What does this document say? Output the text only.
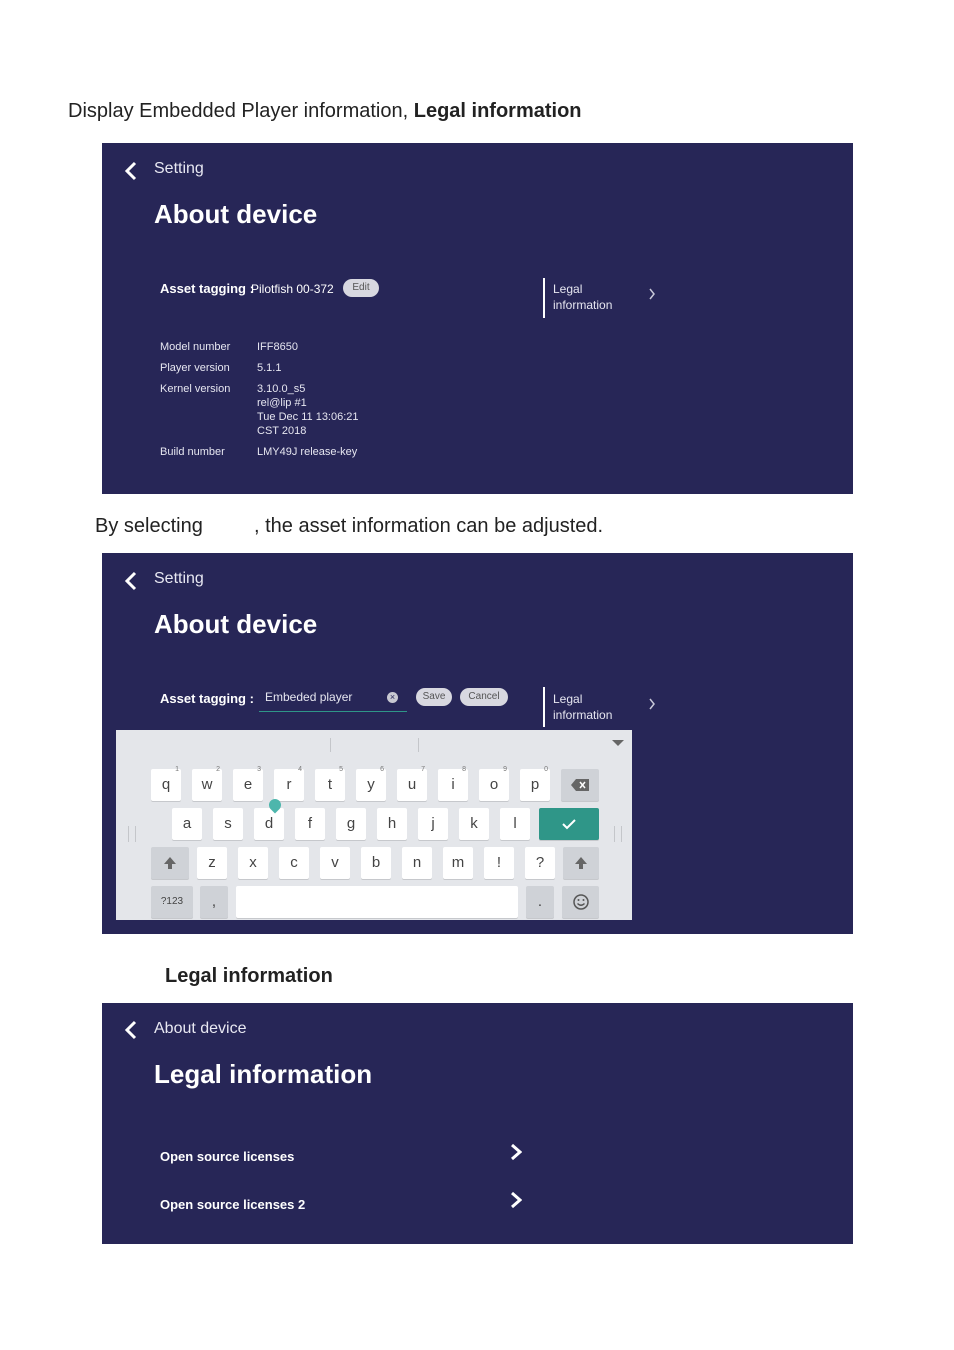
Display Embedded Player information, Legal information
Setting
About device
Asset tagging :
Pilotfish 00-372	Edit	Legal
information
Model number IFF8650
Player version 5.1.1
Kernel version 3.10.0_s5
rel@lip #1
Tue Dec 11 13:06:21
CST 2018
Build number	LMY49J release-key
By selecting	, the asset information can be adjusted.
Setting
About device
Asset tagging : Embeded player	×	Save	Cancel	Legal
information
q
1
w
2
e
3
r
4
t
5
y
6
u
7
i
8
o
9
p
0
a	s	d	f	g	h	j	k	l
z	x	c	v	b	n	m	!	?
?123	,	.
Legal information
About device
Legal information
Open source licenses
Open source licenses 2
